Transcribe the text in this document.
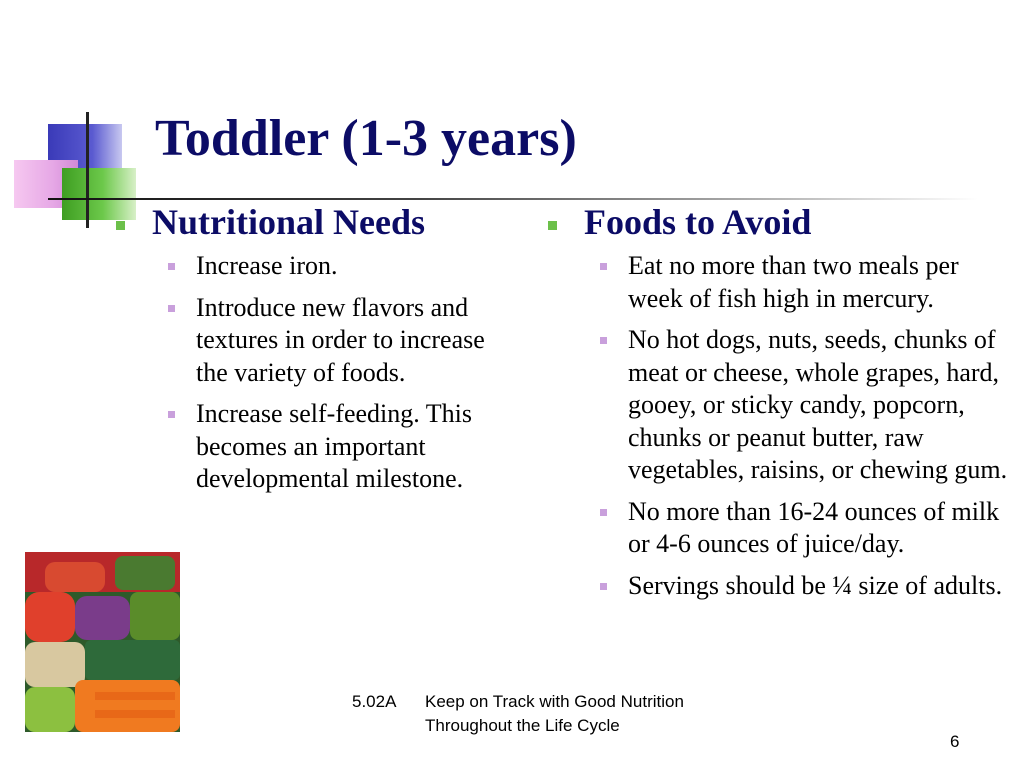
Toddler (1-3 years)
Nutritional Needs
Increase iron.
Introduce new flavors and textures in order to increase the variety of foods.
Increase self-feeding. This becomes an important developmental milestone.
Foods to Avoid
Eat no more than two meals per week of fish high in mercury.
No hot dogs, nuts, seeds, chunks of meat or cheese, whole grapes, hard, gooey, or sticky candy, popcorn, chunks or peanut butter, raw vegetables, raisins, or chewing gum.
No more than 16-24 ounces of milk or 4-6 ounces of juice/day.
Servings should be ¼ size of adults.
5.02A Keep on Track with Good Nutrition Throughout the Life Cycle
6
